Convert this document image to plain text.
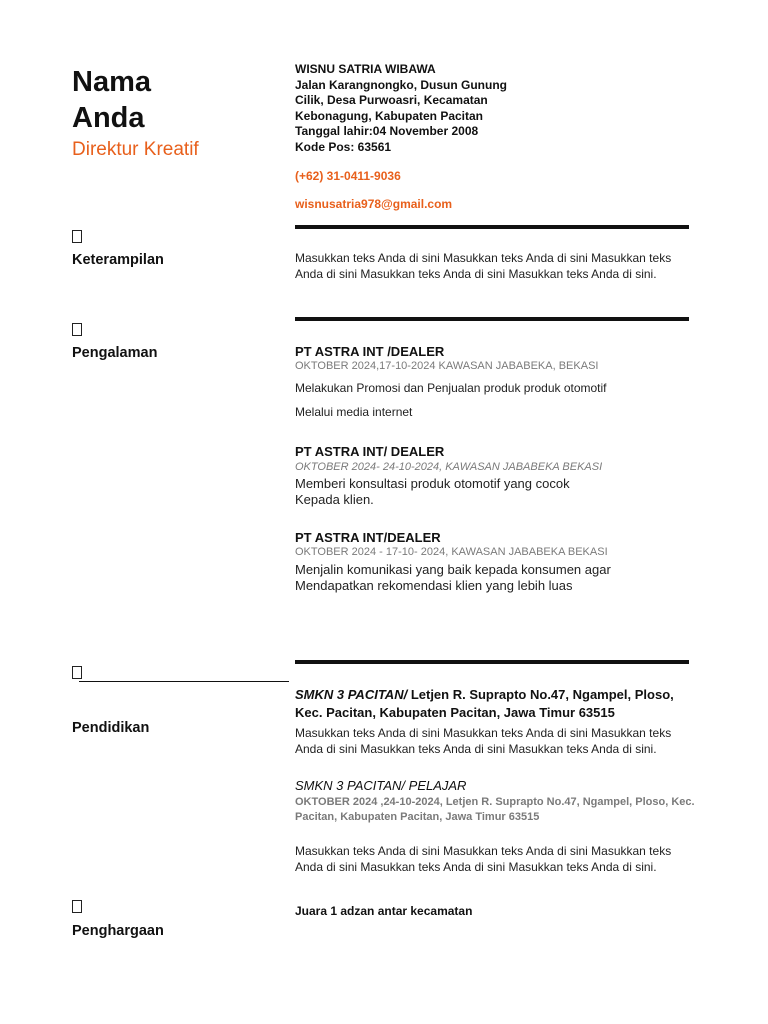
Nama
Anda
Direktur Kreatif
WISNU SATRIA WIBAWA
Jalan Karangnongko, Dusun Gunung
Cilik, Desa Purwoasri, Kecamatan
Kebonagung, Kabupaten Pacitan
Tanggal lahir:04 November 2008
Kode Pos: 63561
(+62) 31-0411-9036
wisnusatria978@gmail.com
Keterampilan	Masukkan teks Anda di sini Masukkan teks Anda di sini Masukkan teks
Anda di sini Masukkan teks Anda di sini Masukkan teks Anda di sini.
Pengalaman	PT ASTRA INT /DEALER
OKTOBER 2024,17-10-2024 KAWASAN JABABEKA, BEKASI
Melakukan Promosi dan Penjualan produk produk otomotif
Melalui media internet
PT ASTRA INT/ DEALER
OKTOBER 2024- 24-10-2024, KAWASAN JABABEKA BEKASI
Memberi konsultasi produk otomotif yang cocok
Kepada klien.
PT ASTRA INT/DEALER
OKTOBER 2024 - 17-10- 2024, KAWASAN JABABEKA BEKASI
Menjalin komunikasi yang baik kepada konsumen agar
Mendapatkan rekomendasi klien yang lebih luas
Pendidikan
SMKN 3 PACITAN/ Letjen R. Suprapto No.47, Ngampel, Ploso,
Kec. Pacitan, Kabupaten Pacitan, Jawa Timur 63515
Masukkan teks Anda di sini Masukkan teks Anda di sini Masukkan teks
Anda di sini Masukkan teks Anda di sini Masukkan teks Anda di sini.
SMKN 3 PACITAN/ PELAJAR
OKTOBER 2024 ,24-10-2024, Letjen R. Suprapto No.47, Ngampel, Ploso, Kec.
Pacitan, Kabupaten Pacitan, Jawa Timur 63515
Masukkan teks Anda di sini Masukkan teks Anda di sini Masukkan teks
Anda di sini Masukkan teks Anda di sini Masukkan teks Anda di sini.
Penghargaan
Juara 1 adzan antar kecamatan
